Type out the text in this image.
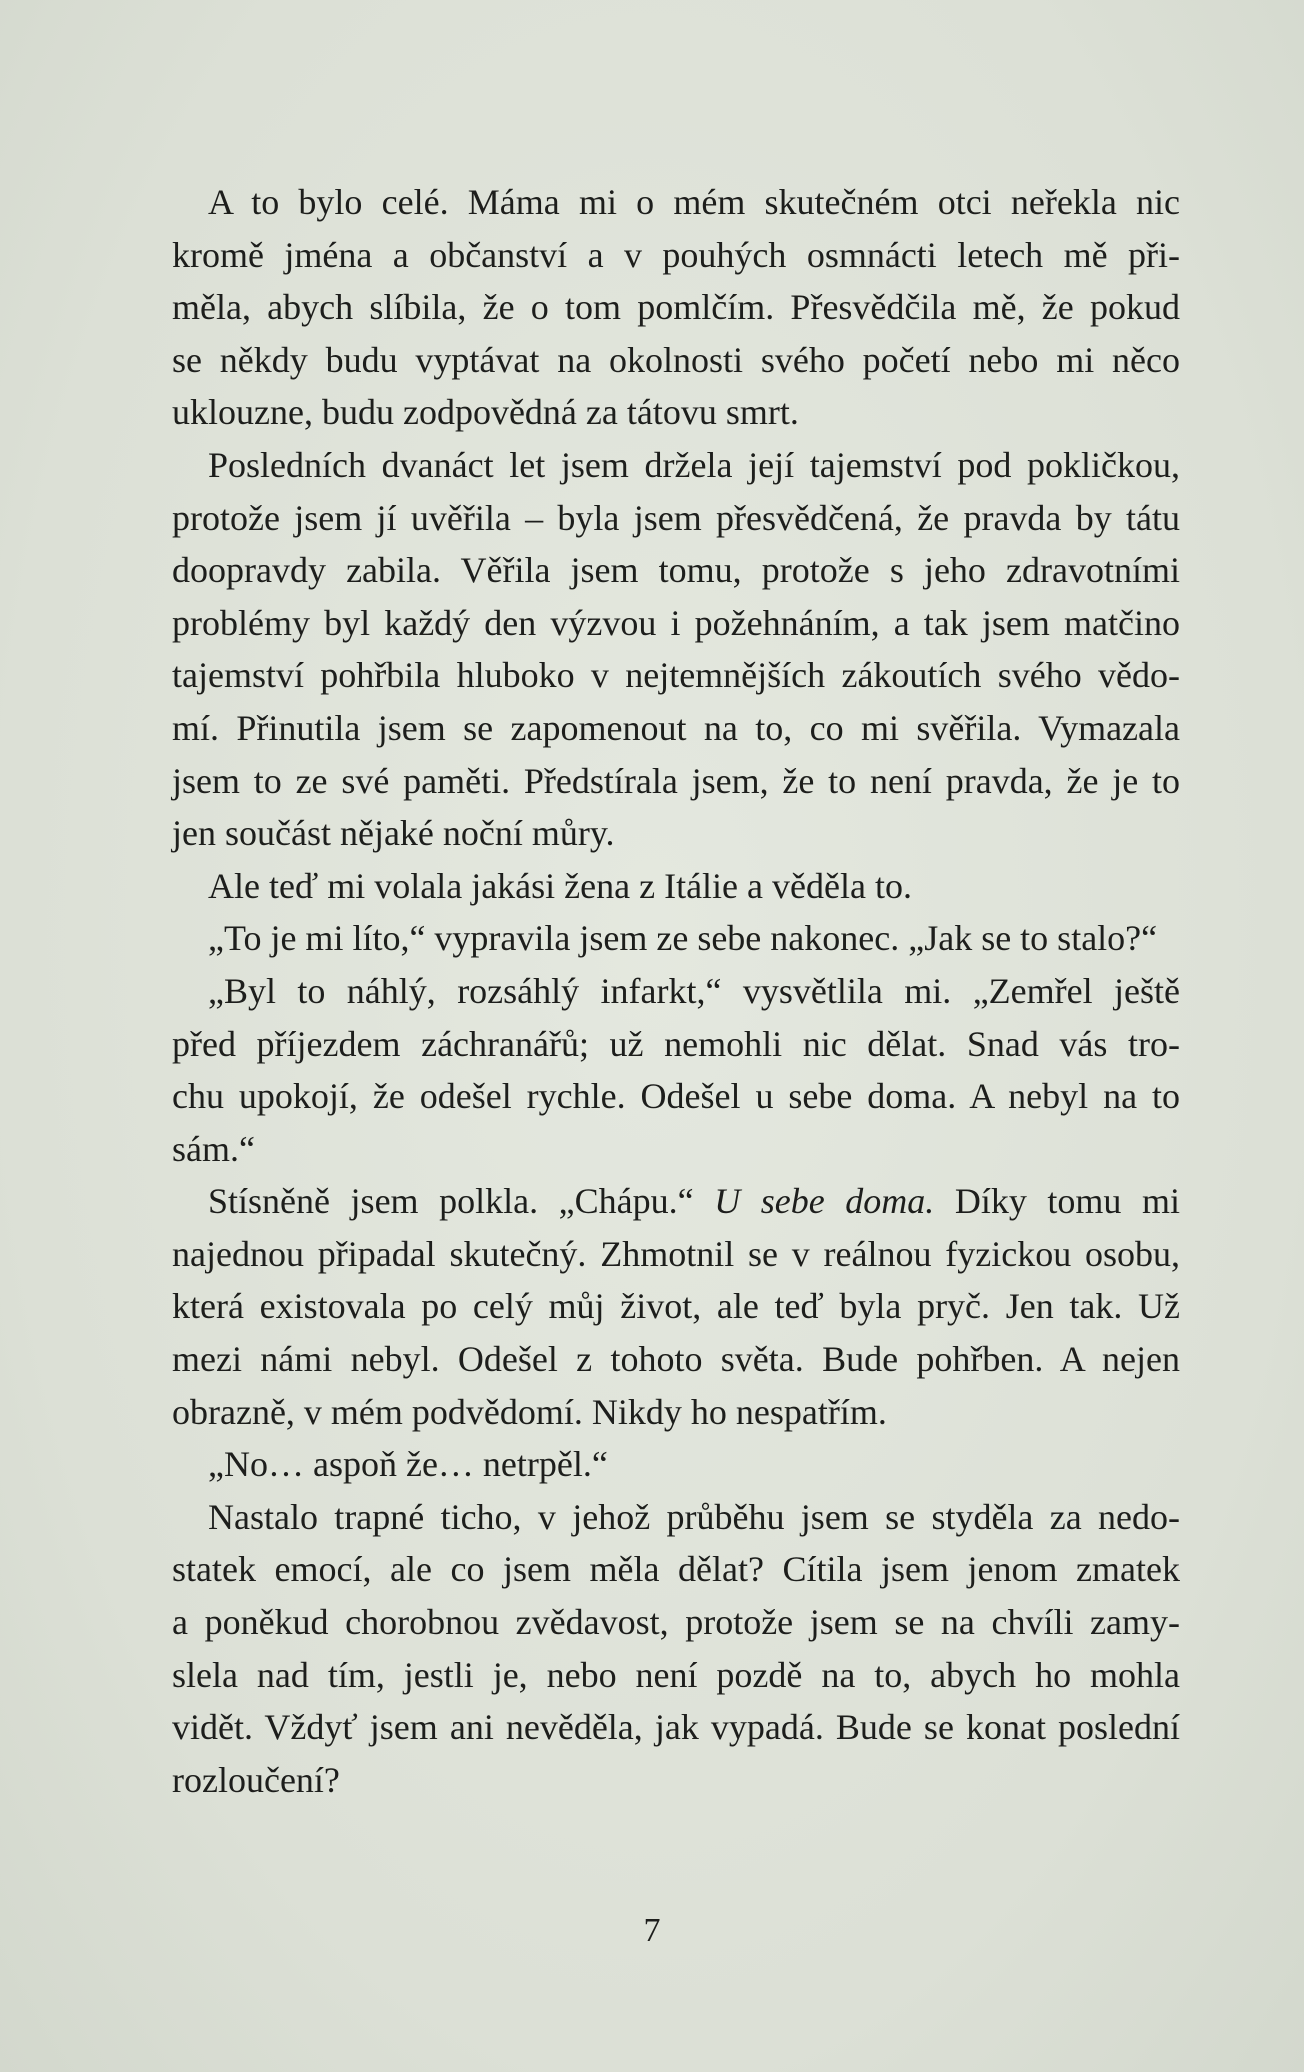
A to bylo celé. Máma mi o mém skutečném otci neřekla nic
kromě jména a občanství a v pouhých osmnácti letech mě při-
měla, abych slíbila, že o tom pomlčím. Přesvědčila mě, že pokud
se někdy budu vyptávat na okolnosti svého početí nebo mi něco
uklouzne, budu zodpovědná za tátovu smrt.
Posledních dvanáct let jsem držela její tajemství pod pokličkou,
protože jsem jí uvěřila – byla jsem přesvědčená, že pravda by tátu
doopravdy zabila. Věřila jsem tomu, protože s jeho zdravotními
problémy byl každý den výzvou i požehnáním, a tak jsem matčino
tajemství pohřbila hluboko v nejtemnějších zákoutích svého vědo-
mí. Přinutila jsem se zapomenout na to, co mi svěřila. Vymazala
jsem to ze své paměti. Předstírala jsem, že to není pravda, že je to
jen součást nějaké noční můry.
Ale teď mi volala jakási žena z Itálie a věděla to.
„To je mi líto,“ vypravila jsem ze sebe nakonec. „Jak se to stalo?“
„Byl to náhlý, rozsáhlý infarkt,“ vysvětlila mi. „Zemřel ještě
před příjezdem záchranářů; už nemohli nic dělat. Snad vás tro-
chu upokojí, že odešel rychle. Odešel u sebe doma. A nebyl na to
sám.“
Stísněně jsem polkla. „Chápu.“ U sebe doma. Díky tomu mi
najednou připadal skutečný. Zhmotnil se v reálnou fyzickou osobu,
která existovala po celý můj život, ale teď byla pryč. Jen tak. Už
mezi námi nebyl. Odešel z tohoto světa. Bude pohřben. A nejen
obrazně, v mém podvědomí. Nikdy ho nespatřím.
„No… aspoň že… netrpěl.“
Nastalo trapné ticho, v jehož průběhu jsem se styděla za nedo-
statek emocí, ale co jsem měla dělat? Cítila jsem jenom zmatek
a poněkud chorobnou zvědavost, protože jsem se na chvíli zamy-
slela nad tím, jestli je, nebo není pozdě na to, abych ho mohla
vidět. Vždyť jsem ani nevěděla, jak vypadá. Bude se konat poslední
rozloučení?
7
